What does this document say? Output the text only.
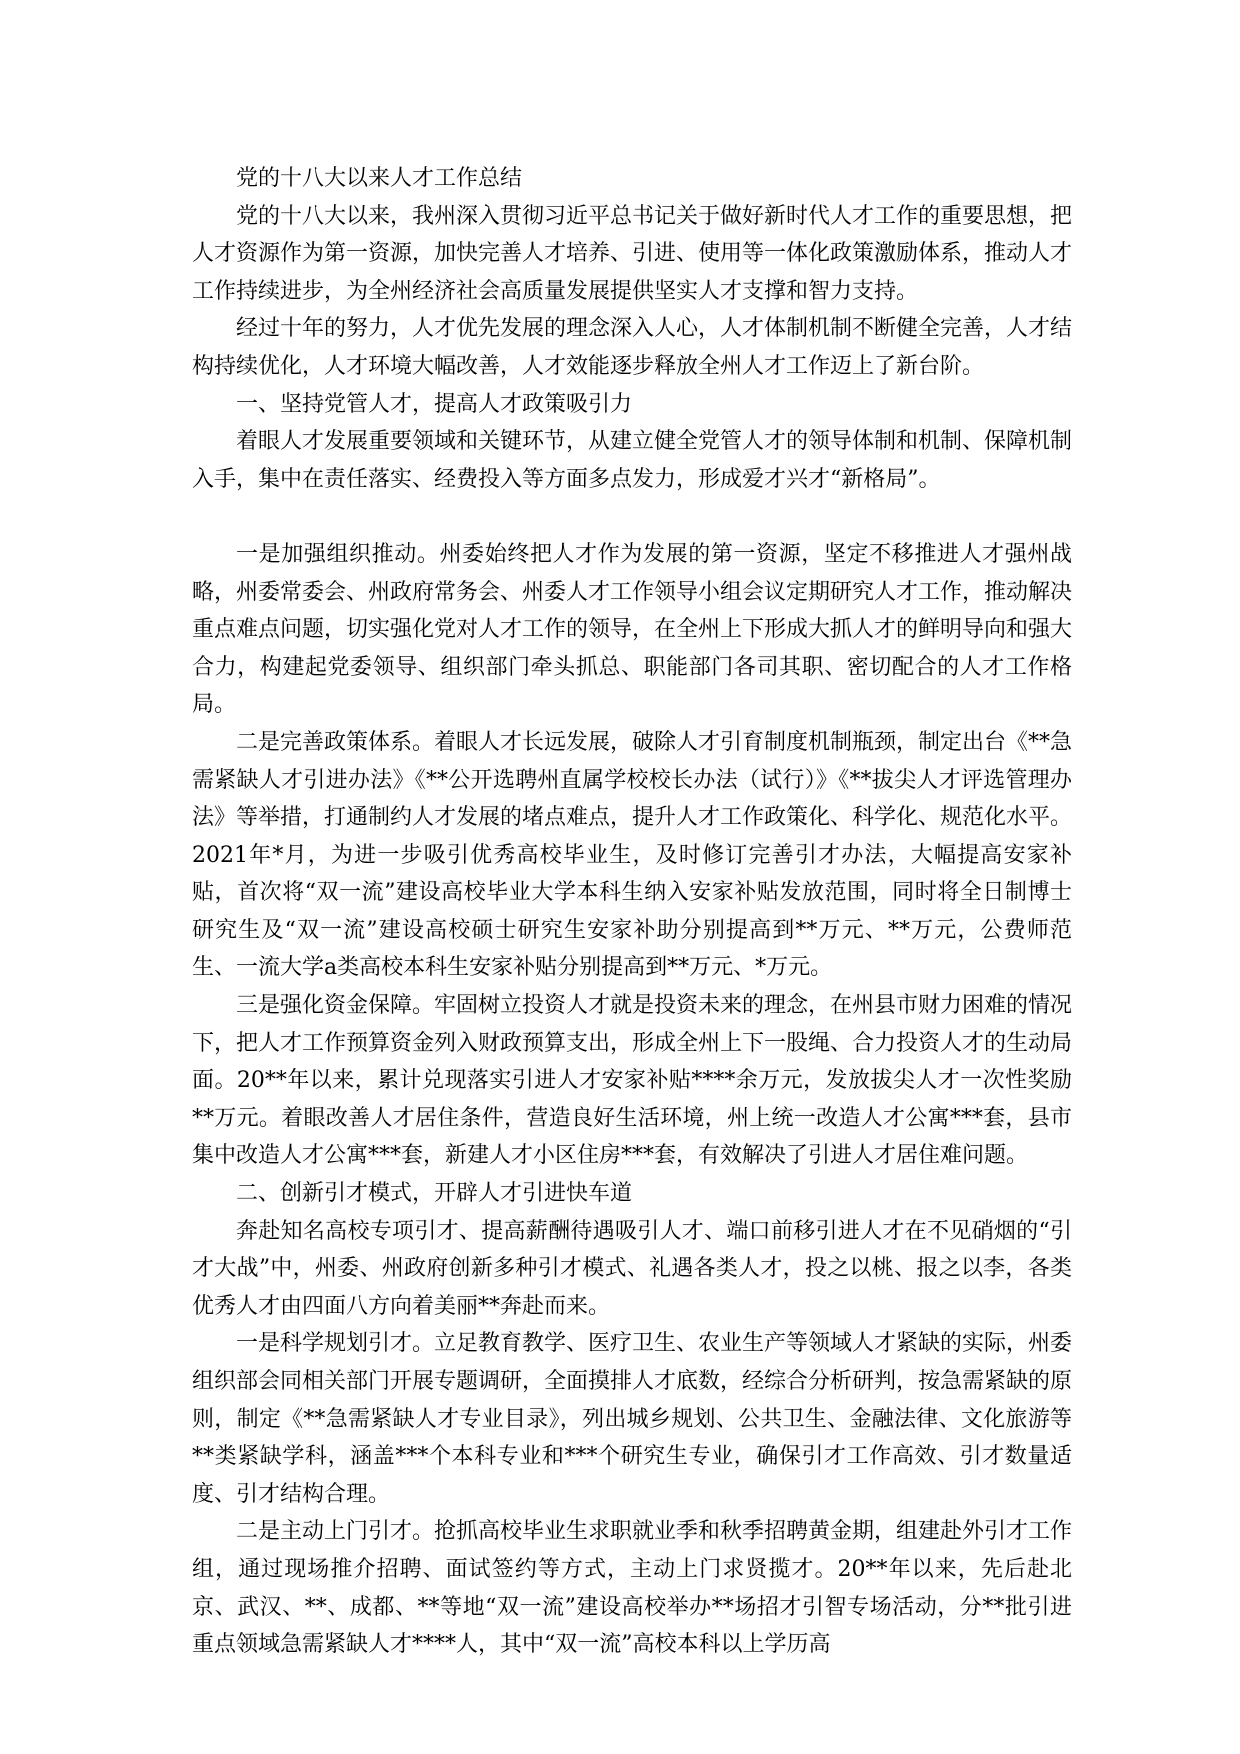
党的十八大以来人才工作总结

党的十八大以来，我州深入贯彻习近平总书记关于做好新时代人才工作的重要思想，把人才资源作为第一资源，加快完善人才培养、引进、使用等一体化政策激励体系，推动人才工作持续进步，为全州经济社会高质量发展提供坚实人才支撑和智力支持。

经过十年的努力，人才优先发展的理念深入人心，人才体制机制不断健全完善，人才结构持续优化，人才环境大幅改善，人才效能逐步释放全州人才工作迈上了新台阶。

一、坚持党管人才，提高人才政策吸引力

着眼人才发展重要领域和关键环节，从建立健全党管人才的领导体制和机制、保障机制入手，集中在责任落实、经费投入等方面多点发力，形成爱才兴才“新格局”。

一是加强组织推动。州委始终把人才作为发展的第一资源，坚定不移推进人才强州战略，州委常委会、州政府常务会、州委人才工作领导小组会议定期研究人才工作，推动解决重点难点问题，切实强化党对人才工作的领导，在全州上下形成大抓人才的鲜明导向和强大合力，构建起党委领导、组织部门牵头抓总、职能部门各司其职、密切配合的人才工作格局。

二是完善政策体系。着眼人才长远发展，破除人才引育制度机制瓶颈，制定出台《**急需紧缺人才引进办法》《**公开选聘州直属学校校长办法（试行）》《**拔尖人才评选管理办法》等举措，打通制约人才发展的堵点难点，提升人才工作政策化、科学化、规范化水平。2021年*月，为进一步吸引优秀高校毕业生，及时修订完善引才办法，大幅提高安家补贴，首次将“双一流”建设高校毕业大学本科生纳入安家补贴发放范围，同时将全日制博士研究生及“双一流”建设高校硕士研究生安家补助分别提高到**万元、**万元，公费师范生、一流大学a类高校本科生安家补贴分别提高到**万元、*万元。

三是强化资金保障。牢固树立投资人才就是投资未来的理念，在州县市财力困难的情况下，把人才工作预算资金列入财政预算支出，形成全州上下一股绳、合力投资人才的生动局面。20**年以来，累计兑现落实引进人才安家补贴****余万元，发放拔尖人才一次性奖励**万元。着眼改善人才居住条件，营造良好生活环境，州上统一改造人才公寓***套，县市集中改造人才公寓***套，新建人才小区住房***套，有效解决了引进人才居住难问题。

二、创新引才模式，开辟人才引进快车道

奔赴知名高校专项引才、提高薪酬待遇吸引人才、端口前移引进人才在不见硝烟的“引才大战”中，州委、州政府创新多种引才模式、礼遇各类人才，投之以桃、报之以李，各类优秀人才由四面八方向着美丽**奔赴而来。

一是科学规划引才。立足教育教学、医疗卫生、农业生产等领域人才紧缺的实际，州委组织部会同相关部门开展专题调研，全面摸排人才底数，经综合分析研判，按急需紧缺的原则，制定《**急需紧缺人才专业目录》，列出城乡规划、公共卫生、金融法律、文化旅游等**类紧缺学科，涵盖***个本科专业和***个研究生专业，确保引才工作高效、引才数量适度、引才结构合理。

二是主动上门引才。抢抓高校毕业生求职就业季和秋季招聘黄金期，组建赴外引才工作组，通过现场推介招聘、面试签约等方式，主动上门求贤揽才。20**年以来，先后赴北京、武汉、**、成都、**等地“双一流”建设高校举办**场招才引智专场活动，分**批引进重点领域急需紧缺人才****人，其中“双一流”高校本科以上学历高
